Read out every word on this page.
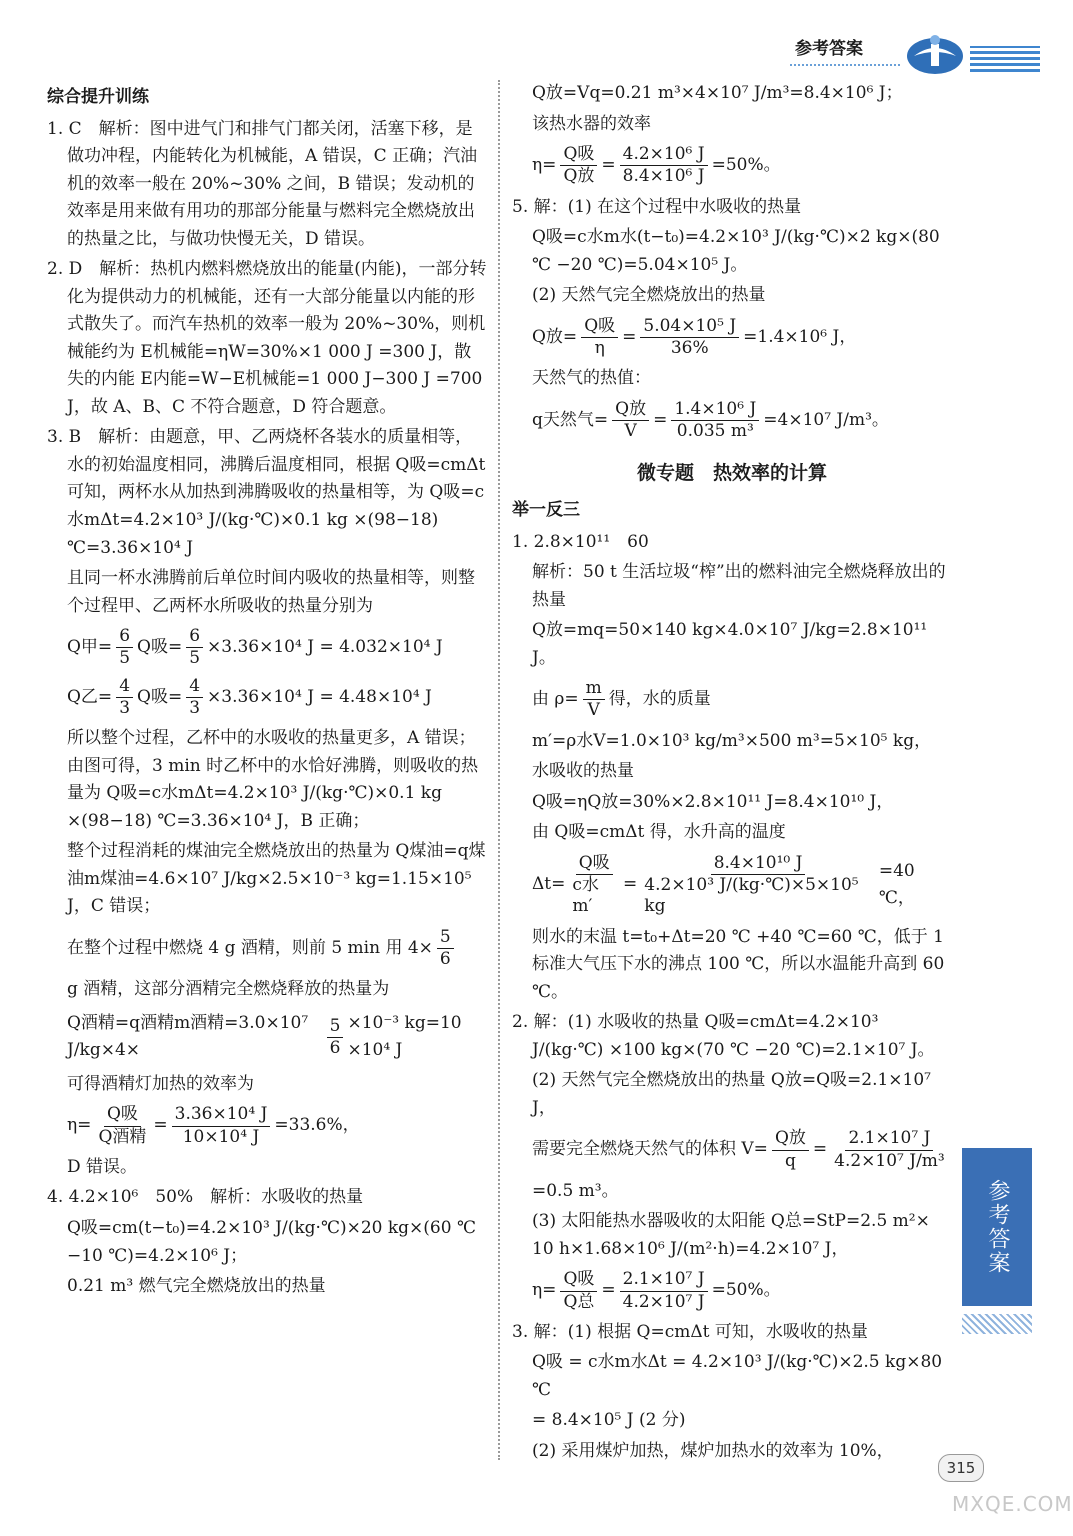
参考答案
综合提升训练

1. C　解析：图中进气门和排气门都关闭，活塞下移，是做功冲程，内能转化为机械能，A 错误，C 正确；汽油机的效率一般在 20%~30% 之间，B 错误；发动机的效率是用来做有用功的那部分能量与燃料完全燃烧放出的热量之比，与做功快慢无关，D 错误。

2. D　解析：热机内燃料燃烧放出的能量(内能)，一部分转化为提供动力的机械能，还有一大部分能量以内能的形式散失了。而汽车热机的效率一般为 20%~30%，则机械能约为 E机械能=ηW=30%×1 000 J =300 J，散失的内能 E内能=W−E机械能=1 000 J−300 J =700 J，故 A、B、C 不符合题意，D 符合题意。

3. B　解析：由题意，甲、乙两烧杯各装水的质量相等，水的初始温度相同，沸腾后温度相同，根据 Q吸=cmΔt 可知，两杯水从加热到沸腾吸收的热量相等，为 Q吸=c水mΔt=4.2×10³ J/(kg·℃)×0.1 kg ×(98−18) ℃=3.36×10⁴ J

且同一杯水沸腾前后单位时间内吸收的热量相等，则整个过程甲、乙两杯水所吸收的热量分别为

Q甲= $\frac{6}{5}$ Q吸= $\frac{6}{5} \times 3.36\times 10^4$ J = 4.032×10⁴ J
Q乙= $\frac{4}{3}$ Q吸= $\frac{4}{3} \times 3.36\times 10^4$ J = 4.48×10⁴ J

所以整个过程，乙杯中的水吸收的热量更多，A 错误；由图可得，3 min 时乙杯中的水恰好沸腾，则吸收的热量为 Q吸=c水mΔt=4.2×10³ J/(kg·℃)×0.1 kg ×(98−18) ℃=3.36×10⁴ J，B 正确；

整个过程消耗的煤油完全燃烧放出的热量为 Q煤油=q煤油m煤油=4.6×10⁷ J/kg×2.5×10⁻³ kg=1.15×10⁵ J，C 错误；

在整个过程中燃烧 4 g 酒精，则前 5 min 用 $4\times \frac{5}{6}$

g 酒精，这部分酒精完全燃烧释放的热量为

Q酒精=q酒精m酒精=3.0×10⁷ J/kg×4×	$\frac{5}{6} \times 10^{-3}$ kg=10 ×10⁴ J

可得酒精灯加热的效率为

$\eta= \frac{\text{Q吸}}{\text{Q酒精}} = \frac{\text{3.36×10⁴ J}}{\text{10×10⁴ J}} =33.6\%$，

D 错误。

4. 4.2×10⁶　50%　解析：水吸收的热量

Q吸=cm(t−t₀)=4.2×10³ J/(kg·℃)×20 kg×(60 ℃ −10 ℃)=4.2×10⁶ J；

0.21 m³ 燃气完全燃烧放出的热量

Q放=Vq=0.21 m³×4×10⁷ J/m³=8.4×10⁶ J；

该热水器的效率

$\eta= \frac{\text{Q吸}}{\text{Q放}} = \frac{\text{4.2×10⁶ J}}{\text{8.4×10⁶ J}} =50\%$。

5. 解：(1) 在这个过程中水吸收的热量

Q吸=c水m水(t−t₀)=4.2×10³ J/(kg·℃)×2 kg×(80 ℃ −20 ℃)=5.04×10⁵ J。

(2) 天然气完全燃烧放出的热量

Q放= $\frac{\text{Q吸}}{\eta} = \frac{\text{5.04×10⁵ J}}{36\%} =1.4\times 10^6$ J，

天然气的热值：

q天然气= $\frac{\text{Q放}}{V} = \frac{\text{1.4×10⁶ J}}{\text{0.035 m³}} =4\times 10^7$ J/m³。
微专题　热效率的计算
举一反三

1. 2.8×10¹¹　60

解析：50 t 生活垃圾“榨”出的燃料油完全燃烧释放出的热量

Q放=mq=50×140 kg×4.0×10⁷ J/kg=2.8×10¹¹ J。

由 $\rho= \frac{m}{V}$ 得，水的质量

m′=ρ水V=1.0×10³ kg/m³×500 m³=5×10⁵ kg，

水吸收的热量

Q吸=ηQ放=30%×2.8×10¹¹ J=8.4×10¹⁰ J，

由 Q吸=cmΔt 得，水升高的温度

$\Delta t= \frac{\text{Q吸}}{\text{c水m′}} = \frac{\text{8.4×10¹⁰ J}}{\text{4.2×10³ J/(kg·℃)×5×10⁵ kg}} =40$ ℃，

则水的末温 t=t₀+Δt=20 ℃ +40 ℃=60 ℃，低于 1 标准大气压下水的沸点 100 ℃，所以水温能升高到 60 ℃。

2. 解：(1) 水吸收的热量 Q吸=cmΔt=4.2×10³ J/(kg·℃) ×100 kg×(70 ℃ −20 ℃)=2.1×10⁷ J。

(2) 天然气完全燃烧放出的热量 Q放=Q吸=2.1×10⁷ J，

需要完全燃烧天然气的体积 $V= \frac{\text{Q放}}{q} = \frac{\text{2.1×10⁷ J}}{\text{4.2×10⁷ J/m³}}$

=0.5 m³。

(3) 太阳能热水器吸收的太阳能 Q总=StP=2.5 m²× 10 h×1.68×10⁶ J/(m²·h)=4.2×10⁷ J，

$\eta= \frac{\text{Q吸}}{\text{Q总}} = \frac{\text{2.1×10⁷ J}}{\text{4.2×10⁷ J}} =50\%$。

3. 解：(1) 根据 Q=cmΔt 可知，水吸收的热量

Q吸 = c水m水Δt = 4.2×10³ J/(kg·℃)×2.5 kg×80 ℃

= 8.4×10⁵ J (2 分)

(2) 采用煤炉加热，煤炉加热水的效率为 10%，

参考答案
315
MXQE.COM
